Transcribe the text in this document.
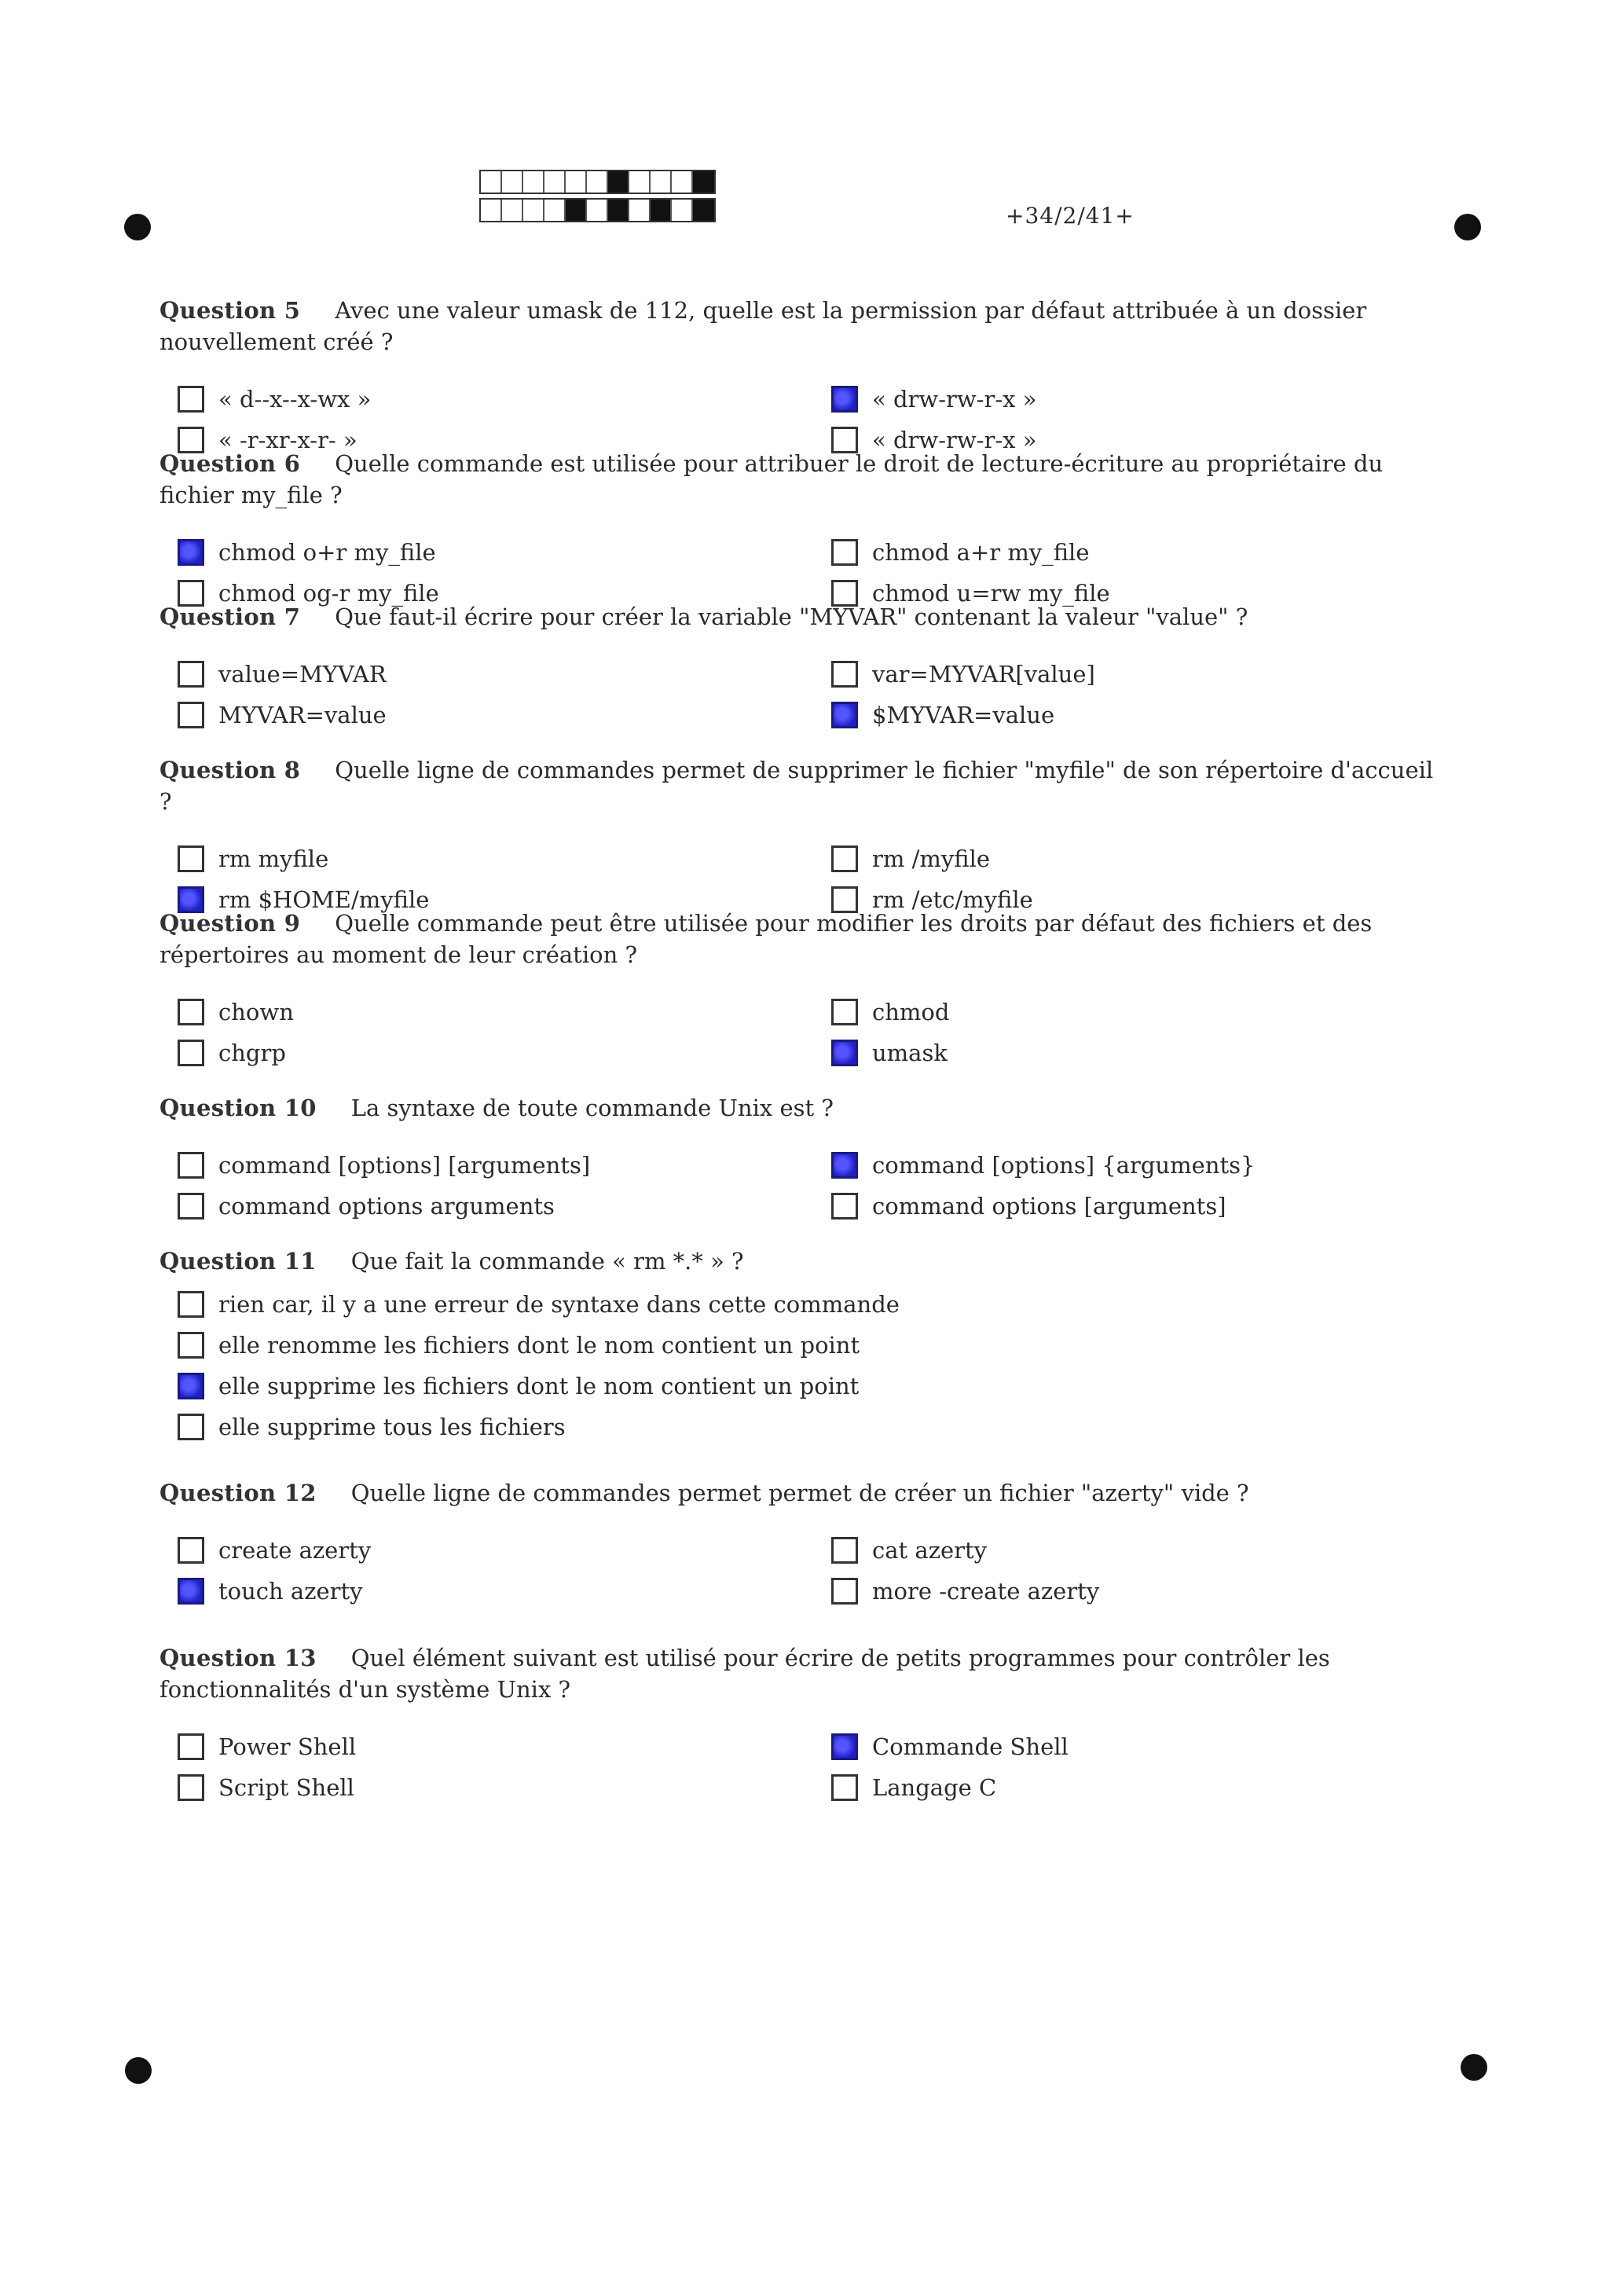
+34/2/41+
Question 5 Avec une valeur umask de 112, quelle est la permission par défaut attribuée à un dossier nouvellement créé ?
« d--x--x-wx »	« drw-rw-r-x »
« -r-xr-x-r- »	« drw-rw-r-x »
Question 6 Quelle commande est utilisée pour attribuer le droit de lecture-écriture au propriétaire du fichier my_file ?
chmod o+r my_file	chmod a+r my_file
chmod og-r my_file	chmod u=rw my_file
Question 7 Que faut-il écrire pour créer la variable "MYVAR" contenant la valeur "value" ?
value=MYVAR	var=MYVAR[value]
MYVAR=value	$MYVAR=value
Question 8 Quelle ligne de commandes permet de supprimer le fichier "myfile" de son répertoire d'accueil ?
rm myfile	rm /myfile
rm $HOME/myfile	rm /etc/myfile
Question 9 Quelle commande peut être utilisée pour modifier les droits par défaut des fichiers et des répertoires au moment de leur création ?
chown	chmod
chgrp	umask
Question 10 La syntaxe de toute commande Unix est ?
command [options] [arguments]	command [options] {arguments}
command options arguments	command options [arguments]
Question 11 Que fait la commande « rm *.* » ?
rien car, il y a une erreur de syntaxe dans cette commande
elle renomme les fichiers dont le nom contient un point
elle supprime les fichiers dont le nom contient un point
elle supprime tous les fichiers
Question 12 Quelle ligne de commandes permet permet de créer un fichier "azerty" vide ?
create azerty	cat azerty
touch azerty	more -create azerty
Question 13 Quel élément suivant est utilisé pour écrire de petits programmes pour contrôler les fonctionnalités d'un système Unix ?
Power Shell	Commande Shell
Script Shell	Langage C
